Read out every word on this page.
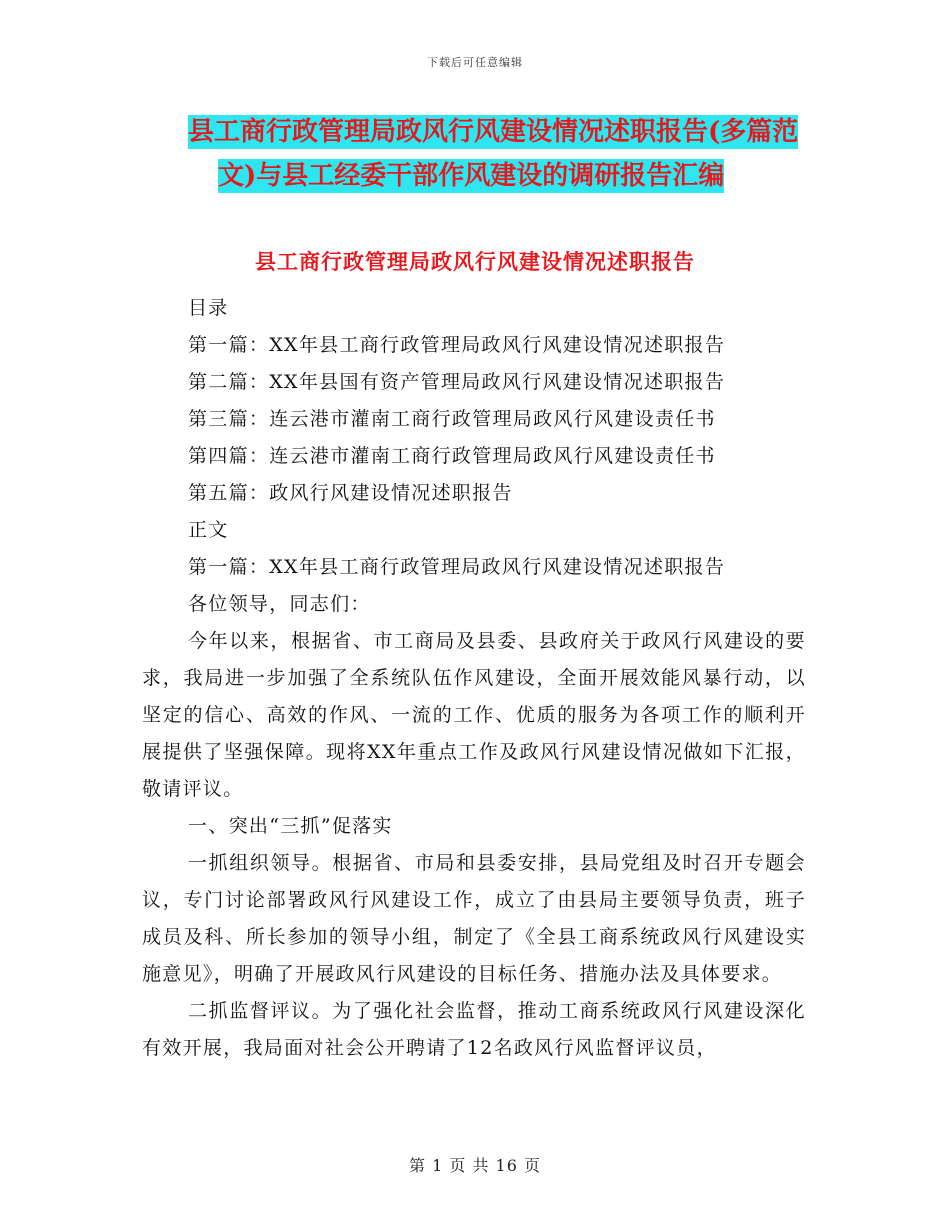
下载后可任意编辑
县工商行政管理局政风行风建设情况述职报告(多篇范
文)与县工经委干部作风建设的调研报告汇编
县工商行政管理局政风行风建设情况述职报告

目录

第一篇：XX年县工商行政管理局政风行风建设情况述职报告

第二篇：XX年县国有资产管理局政风行风建设情况述职报告

第三篇：连云港市灌南工商行政管理局政风行风建设责任书

第四篇：连云港市灌南工商行政管理局政风行风建设责任书

第五篇：政风行风建设情况述职报告

正文

第一篇：XX年县工商行政管理局政风行风建设情况述职报告

各位领导，同志们：

今年以来，根据省、市工商局及县委、县政府关于政风行风建设的要求，我局进一步加强了全系统队伍作风建设，全面开展效能风暴行动，以坚定的信心、高效的作风、一流的工作、优质的服务为各项工作的顺利开展提供了坚强保障。现将XX年重点工作及政风行风建设情况做如下汇报，敬请评议。

一、突出“三抓”促落实

一抓组织领导。根据省、市局和县委安排，县局党组及时召开专题会议，专门讨论部署政风行风建设工作，成立了由县局主要领导负责，班子成员及科、所长参加的领导小组，制定了《全县工商系统政风行风建设实施意见》，明确了开展政风行风建设的目标任务、措施办法及具体要求。

二抓监督评议。为了强化社会监督，推动工商系统政风行风建设深化有效开展，我局面对社会公开聘请了12名政风行风监督评议员，

第 1 页 共 16 页
